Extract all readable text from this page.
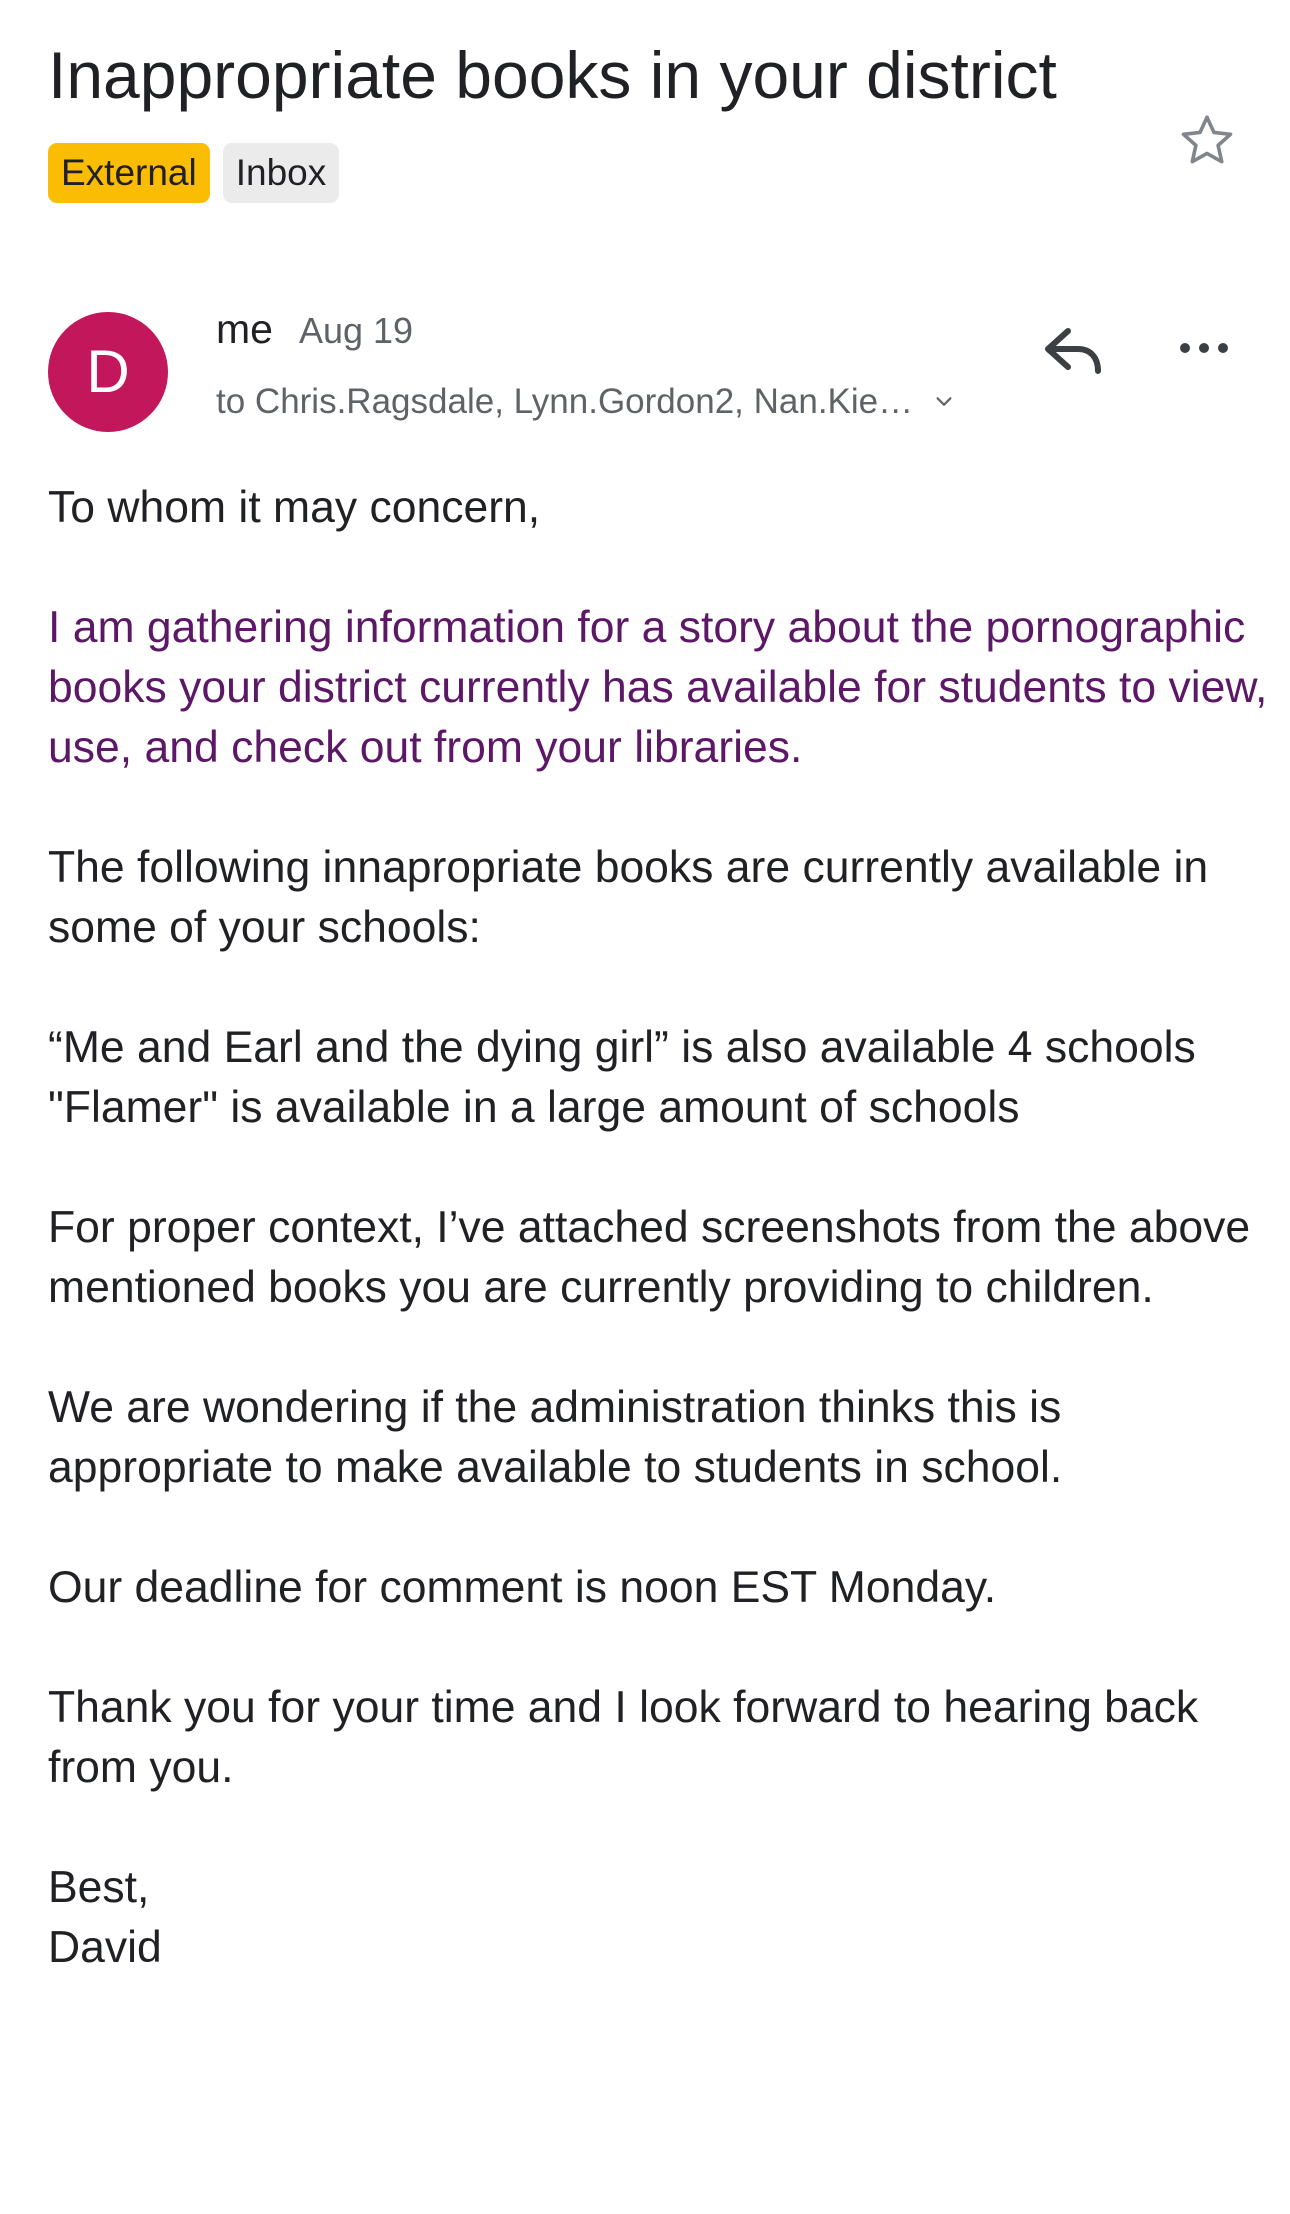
Inappropriate books in your district
External	Inbox
D
me Aug 19
to Chris.Ragsdale, Lynn.Gordon2, Nan.Kie…

To whom it may concern,

I am gathering information for a story about the pornographic books your district currently has available for students to view, use, and check out from your libraries.

The following innapropriate books are currently available in some of your schools:

“Me and Earl and the dying girl” is also available 4 schools
"Flamer" is available in a large amount of schools

For proper context, I’ve attached screenshots from the above mentioned books you are currently providing to children.

We are wondering if the administration thinks this is appropriate to make available to students in school.

Our deadline for comment is noon EST Monday.

Thank you for your time and I look forward to hearing back from you.

Best,
David
